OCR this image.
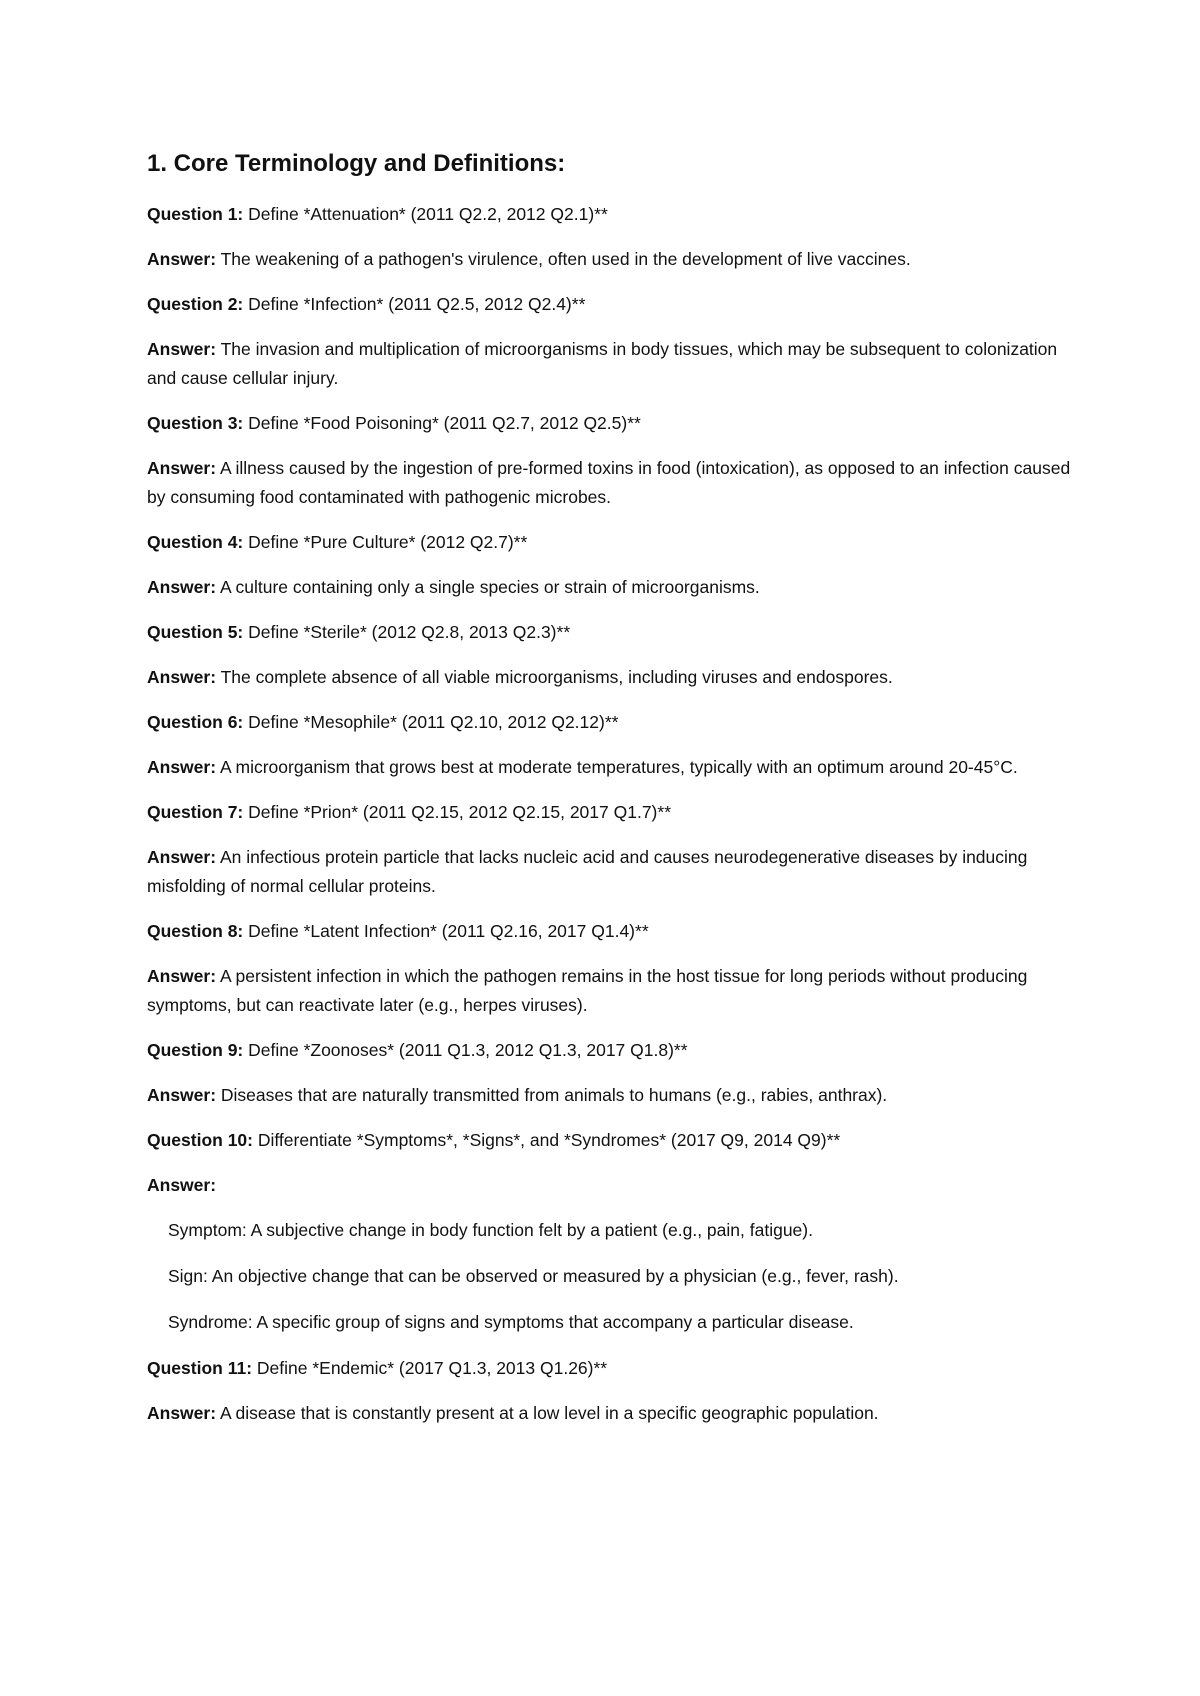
1. Core Terminology and Definitions:

Question 1: Define *Attenuation* (2011 Q2.2, 2012 Q2.1)**

Answer: The weakening of a pathogen's virulence, often used in the development of live vaccines.

Question 2: Define *Infection* (2011 Q2.5, 2012 Q2.4)**

Answer: The invasion and multiplication of microorganisms in body tissues, which may be subsequent to colonization and cause cellular injury.

Question 3: Define *Food Poisoning* (2011 Q2.7, 2012 Q2.5)**

Answer: A illness caused by the ingestion of pre-formed toxins in food (intoxication), as opposed to an infection caused by consuming food contaminated with pathogenic microbes.

Question 4: Define *Pure Culture* (2012 Q2.7)**

Answer: A culture containing only a single species or strain of microorganisms.

Question 5: Define *Sterile* (2012 Q2.8, 2013 Q2.3)**

Answer: The complete absence of all viable microorganisms, including viruses and endospores.

Question 6: Define *Mesophile* (2011 Q2.10, 2012 Q2.12)**

Answer: A microorganism that grows best at moderate temperatures, typically with an optimum around 20-45°C.

Question 7: Define *Prion* (2011 Q2.15, 2012 Q2.15, 2017 Q1.7)**

Answer: An infectious protein particle that lacks nucleic acid and causes neurodegenerative diseases by inducing misfolding of normal cellular proteins.

Question 8: Define *Latent Infection* (2011 Q2.16, 2017 Q1.4)**

Answer: A persistent infection in which the pathogen remains in the host tissue for long periods without producing symptoms, but can reactivate later (e.g., herpes viruses).

Question 9: Define *Zoonoses* (2011 Q1.3, 2012 Q1.3, 2017 Q1.8)**

Answer: Diseases that are naturally transmitted from animals to humans (e.g., rabies, anthrax).

Question 10: Differentiate *Symptoms*, *Signs*, and *Syndromes* (2017 Q9, 2014 Q9)**

Answer:

Symptom: A subjective change in body function felt by a patient (e.g., pain, fatigue).

Sign: An objective change that can be observed or measured by a physician (e.g., fever, rash).

Syndrome: A specific group of signs and symptoms that accompany a particular disease.

Question 11: Define *Endemic* (2017 Q1.3, 2013 Q1.26)**

Answer: A disease that is constantly present at a low level in a specific geographic population.
